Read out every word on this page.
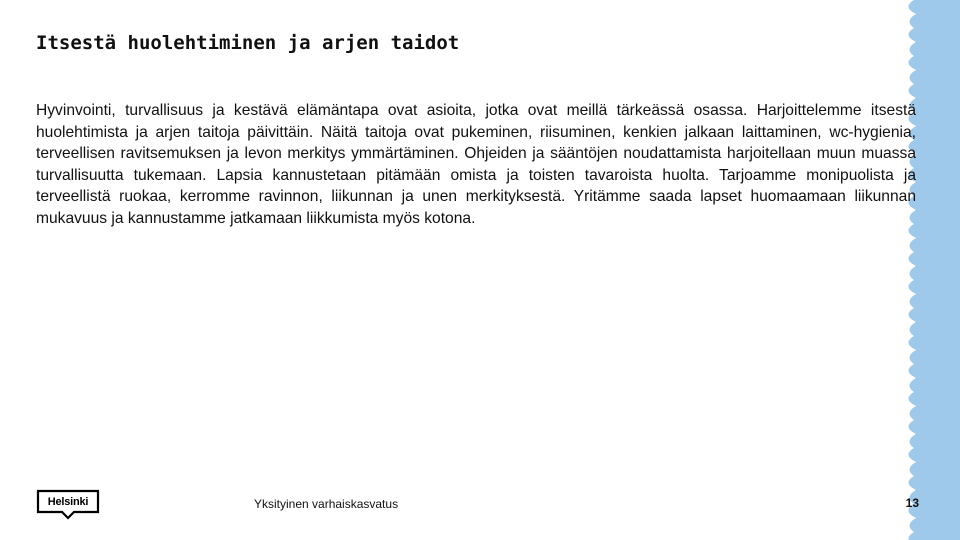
Itsestä huolehtiminen ja arjen taidot

Hyvinvointi, turvallisuus ja kestävä elämäntapa ovat asioita, jotka ovat meillä tärkeässä osassa. Harjoittelemme itsestä huolehtimista ja arjen taitoja päivittäin. Näitä taitoja ovat pukeminen, riisuminen, kenkien jalkaan laittaminen, wc-hygienia, terveellisen ravitsemuksen ja levon merkitys ymmärtäminen. Ohjeiden ja sääntöjen noudattamista harjoitellaan muun muassa turvallisuutta tukemaan. Lapsia kannustetaan pitämään omista ja toisten tavaroista huolta. Tarjoamme monipuolista ja terveellistä ruokaa, kerromme ravinnon, liikunnan ja unen merkityksestä. Yritämme saada lapset huomaamaan liikunnan mukavuus ja kannustamme jatkamaan liikkumista myös kotona.

Helsinki	Yksityinen varhaiskasvatus	13
